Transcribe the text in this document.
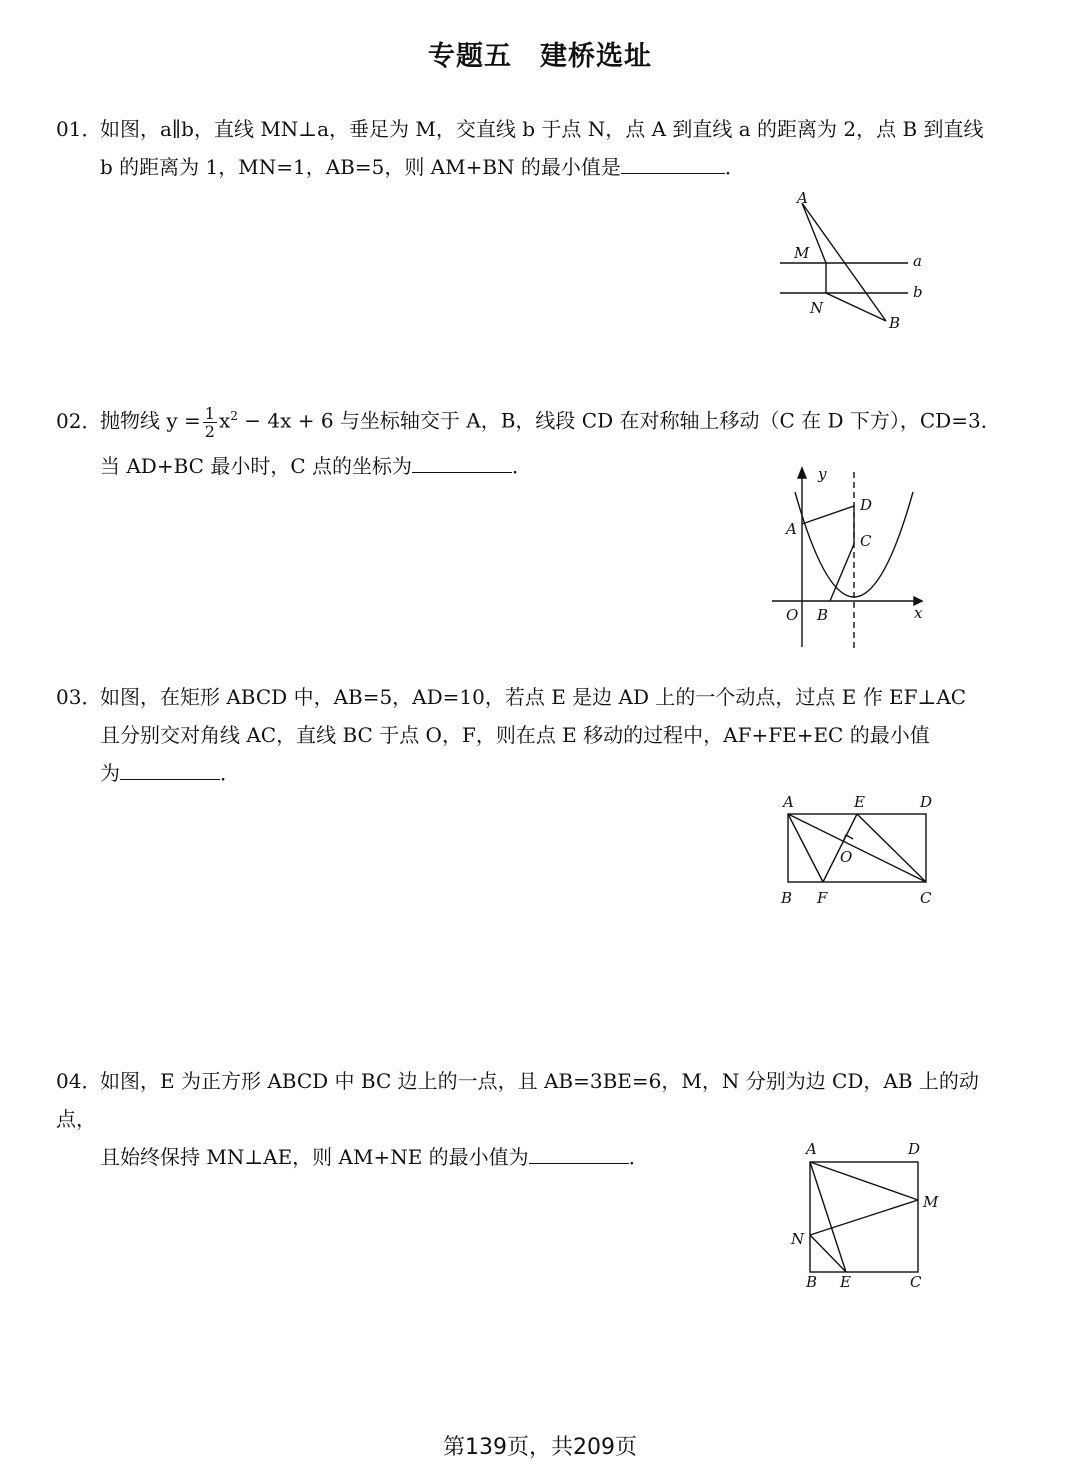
专题五　建桥选址
01．如图，a∥b，直线 MN⊥a，垂足为 M，交直线 b 于点 N，点 A 到直线 a 的距离为 2，点 B 到直线
b 的距离为 1，MN=1，AB=5，则 AM+BN 的最小值是	．
A
M
N
B
a
b
02．抛物线 $y = \frac{1}{2} x^2 - 4x + 6$ 与坐标轴交于 A，B，线段 CD 在对称轴上移动（C 在 D 下方），CD=3．
当 AD+BC 最小时，C 点的坐标为	．	y
x
O
A
B
D
C
03．如图，在矩形 ABCD 中，AB=5，AD=10，若点 E 是边 AD 上的一个动点，过点 E 作 EF⊥AC
且分别交对角线 AC，直线 BC 于点 O，F，则在点 E 移动的过程中，AF+FE+EC 的最小值
为	．
A	E	D
O
B F	C
04．如图，E 为正方形 ABCD 中 BC 边上的一点，且 AB=3BE=6，M，N 分别为边 CD，AB 上的动点，
且始终保持 MN⊥AE，则 AM+NE 的最小值为	．	A	D
M
N
B E	C
第139页，共209页
